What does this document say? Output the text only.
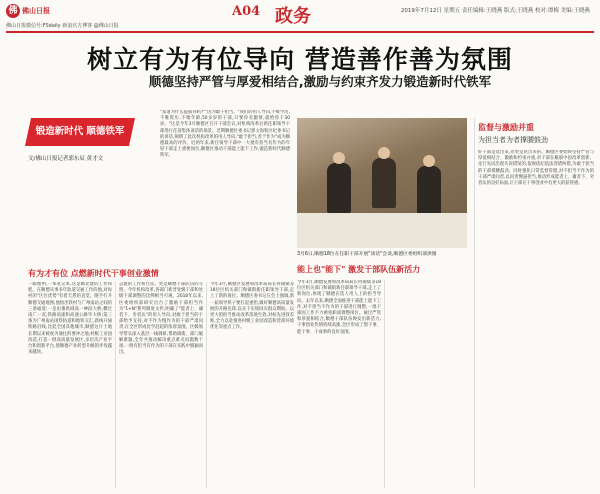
佛 佛山日报	A04 政务
佛山日报微信号:FSdaily 新浪官方博客 @佛山日报
2019年7月12日 星期五 责任编辑:王晓燕 版式:王晓燕 校对:谭梅 美编:王晓燕
树立有为有位导向 营造善作善为氛围
顺德坚持严管与厚爱相结合,激励与约束齐发力锻造新时代铁军
锻造新时代 顺德铁军
文/佛山日报记者郭东辰 黄才文
"知道为什么提拔你吗?""因为敢干担当。"我们的用人导向,不唯学历,不唯资历,不唯年龄,50多岁的干部,只要你有激情,就给你干30岁。"这是今年3月顺德区召开干部会议,对机构改革后新任职领导干部进行任前集体谈话的场景。近期顺德区委书记郭文海和区纪委书记的讲话,阐明了此次机构改革的用人导向,"敢于担当,善于作为"成为顺德最高的评价。近两年来,新任领导干部中一大批有担当有作为的年轻干部走上重要岗位,顺德区推动干部能上能下工作,锻造新时代顺德铁军。
有为才有位 点燃新时代干事创业激情
一眼地州,一本笔记本,这是顺北建的工作和吧。在顺德从事多年轨道交通工作的他,对每村的"区位优势"有着天然的直觉。随手打开顺德交通地图,他指出铁村与广州南站之间的三条通道:一是由番禺域高一神段大桥,横过南广一双,铁路高速和高速公路毕大桥;第三条为广州南站国铁轨道和地铁交汇,新线开通铁路沿线,比起全国其他城市,顺德这片土地长期以来被视为通往的要冲之地,村级工业园改造,打造一批高质量发展区,多层次产业平台和创新平台,使顺德产业转型升级的步伐越来越快。
志建的工作和仕宦。更是顺德干部队伍的写照。今年机构改革,各部门新晋处级干部和处级干部调整的比例相当可观。2018年以来,区委组织部研究出台了激励干部担当作为"1+N"系列制度文件,明确了"能者上、庸者下、劣者汰"的用人导向,对敢于担当的干部给予支持,对不作为慢作为的干部严肃问责,在全区形成比学赶超的浓厚氛围。区级领导带头深入基层一线调研,帮助镇街、部门破解难题,全年共推动解决重点难点问题数十项,一批有担当有作为的干部在实践中脱颖而出。
今年3月,顺德区发展和改革局局长何锡斌等18位区机关部门和镇街新任职领导干部,走上了新的岗位。顺德区委书记在会上强调,新一届领导班子要扛起重担,做好顺德高质量发展的开路先锋,以实干实绩回应群众期盼。以更大的担当推动改革落地生效,对标先进找差距,全力以赴推进村级工业园改造和营商环境优化等重点工作。
3月6日,顺德18位在任职干部开展"谈话"会谈,顺德区委组织部供图
能上也"能下" 激发干部队伍新活力
今年3月,顺德发展和改革局局长何锡斌等18位区机关部门和镇街新任职领导干部,走上了新岗位,体现了顺德在选人用人上的担当导向。去年以来,顺德全面推进干部能上能下工作,对不担当不作为的干部进行调整,一批干部因工作不力被免职或调整岗位。通过严管和厚爱相结合,顺德干部队伍焕发出新活力,干事创业热情持续高涨,全区形成了想干事、能干事、干成事的良好氛围。
监督与激励并重
为担当者为者撑腰鼓劲
好干部是选出来,但更是管出来的。顺德区委始终坚持严管与厚爱相结合、激励和约束并重,对干部在履职中因改革创新、先行先试出现失误错误的,依规依纪依法容错纠错,为敢于担当的干部撑腰鼓劲。同时强化日常监督管理,对不担当不作为的干部严肃问责,以问责倒逼担当,推动形成能者上、庸者下、劣者汰的良好局面,让干部在干事创业中有更大的获得感。
